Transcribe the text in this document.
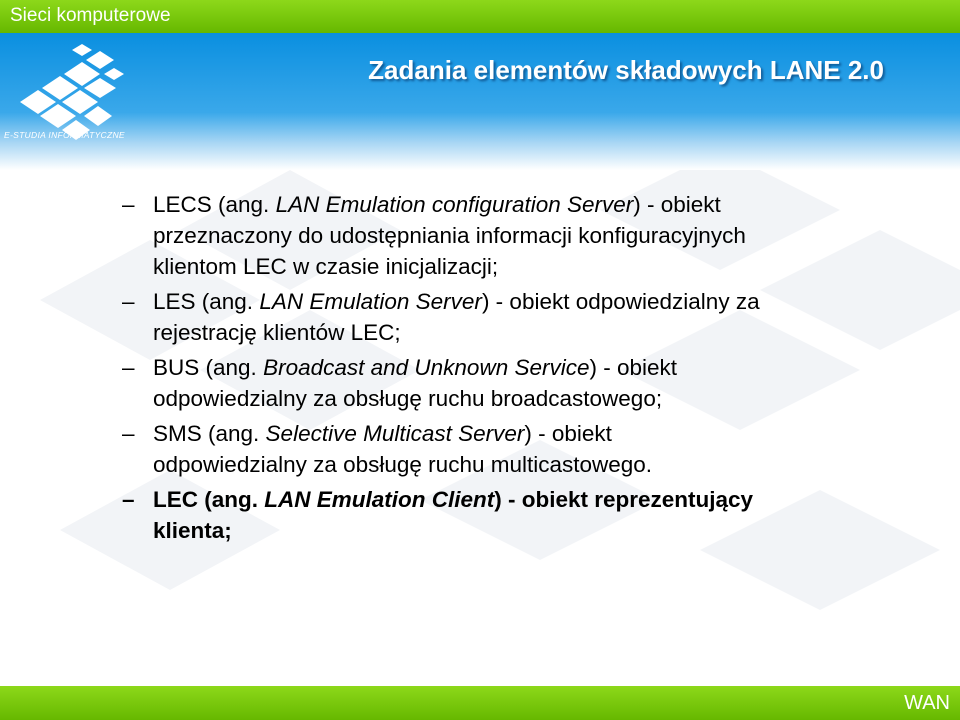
Sieci komputerowe
E-STUDIA INFORMATYCZNE
Zadania elementów składowych LANE 2.0
– LECS (ang. LAN Emulation configuration Server) - obiekt
przeznaczony do udostępniania informacji konfiguracyjnych
klientom LEC w czasie inicjalizacji;
– LES (ang. LAN Emulation Server) - obiekt odpowiedzialny za
rejestrację klientów LEC;
– BUS (ang. Broadcast and Unknown Service) - obiekt
odpowiedzialny za obsługę ruchu broadcastowego;
– SMS (ang. Selective Multicast Server) - obiekt
odpowiedzialny za obsługę ruchu multicastowego.
– LEC (ang. LAN Emulation Client) - obiekt reprezentujący
klienta;
WAN
